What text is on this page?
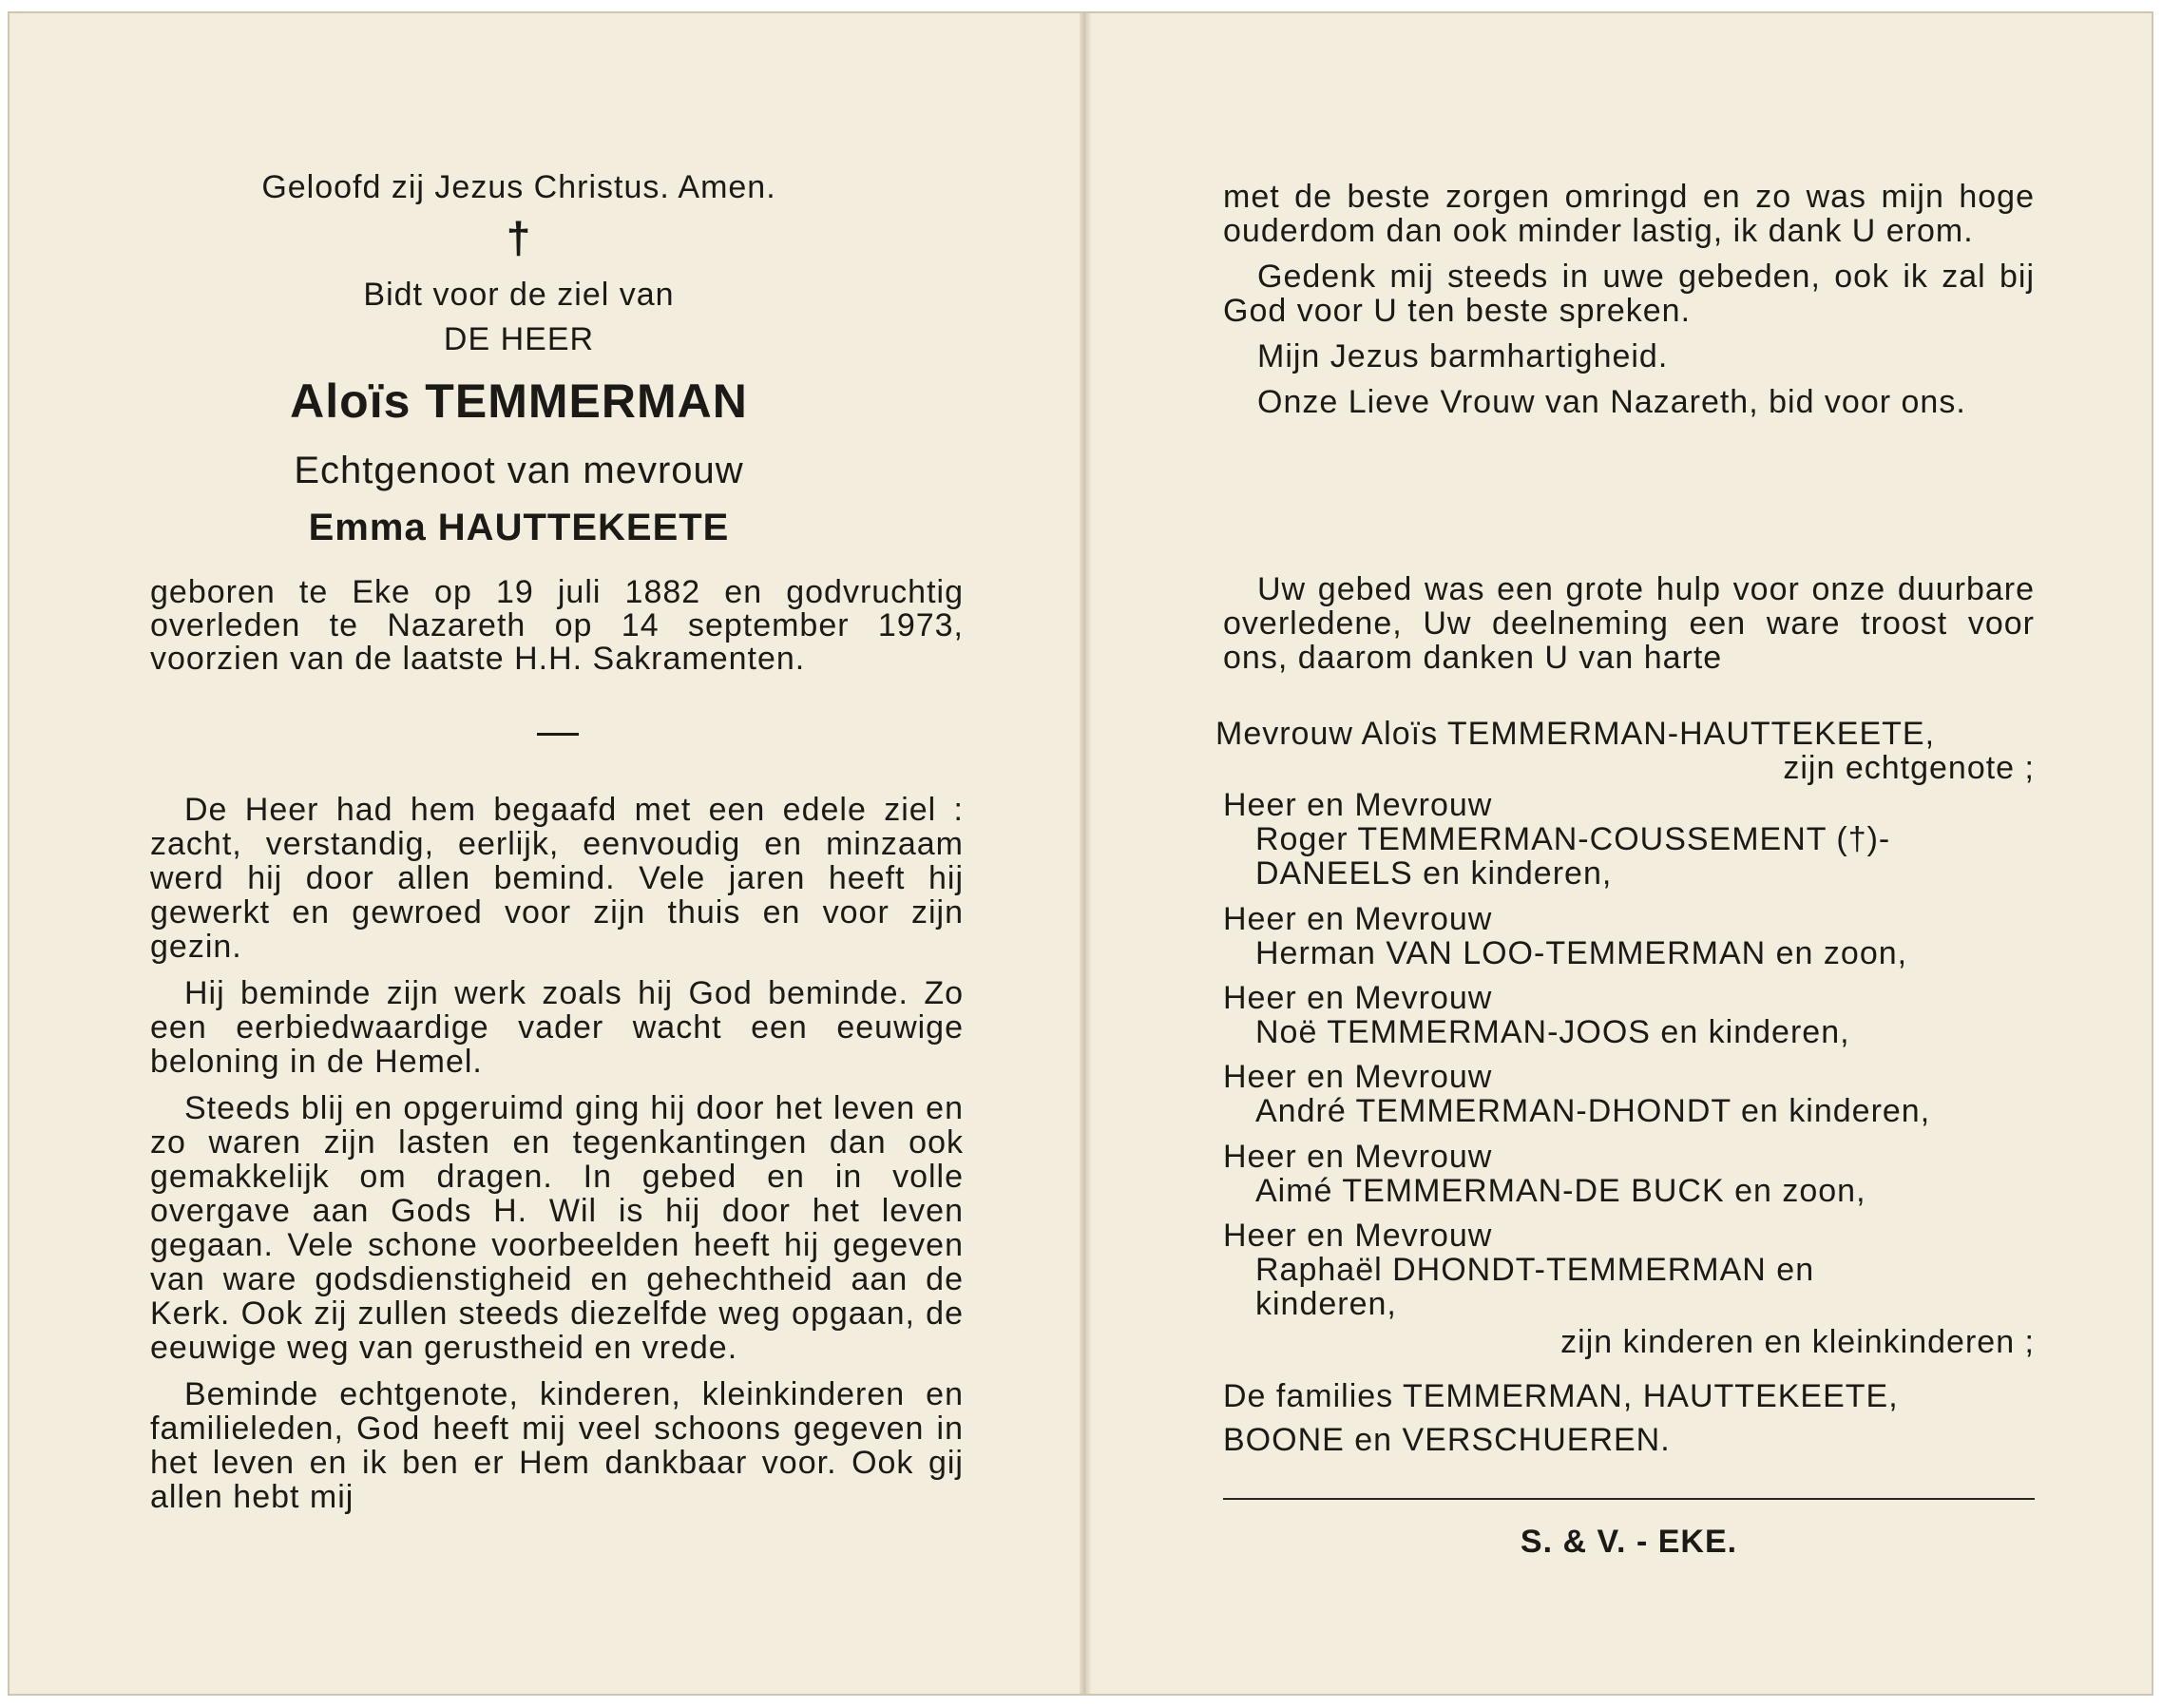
Geloofd zij Jezus Christus. Amen.

†

Bidt voor de ziel van

DE HEER

Aloïs TEMMERMAN

Echtgenoot van mevrouw

Emma HAUTTEKEETE

geboren te Eke op 19 juli 1882 en godvruchtig overleden te Nazareth op 14 september 1973, voorzien van de laatste H.H. Sakramenten.

De Heer had hem begaafd met een edele ziel : zacht, verstandig, eerlijk, eenvoudig en minzaam werd hij door allen bemind. Vele jaren heeft hij gewerkt en gewroed voor zijn thuis en voor zijn gezin.

Hij beminde zijn werk zoals hij God beminde. Zo een eerbiedwaardige vader wacht een eeuwige beloning in de Hemel.

Steeds blij en opgeruimd ging hij door het leven en zo waren zijn lasten en tegenkantingen dan ook gemakkelijk om dragen. In gebed en in volle overgave aan Gods H. Wil is hij door het leven gegaan. Vele schone voorbeelden heeft hij gegeven van ware godsdienstigheid en gehechtheid aan de Kerk. Ook zij zullen steeds diezelfde weg opgaan, de eeuwige weg van gerustheid en vrede.

Beminde echtgenote, kinderen, kleinkinderen en familieleden, God heeft mij veel schoons gegeven in het leven en ik ben er Hem dankbaar voor. Ook gij allen hebt mij

met de beste zorgen omringd en zo was mijn hoge ouderdom dan ook minder lastig, ik dank U erom.

Gedenk mij steeds in uwe gebeden, ook ik zal bij God voor U ten beste spreken.

Mijn Jezus barmhartigheid.

Onze Lieve Vrouw van Nazareth, bid voor ons.

Uw gebed was een grote hulp voor onze duurbare overledene, Uw deelneming een ware troost voor ons, daarom danken U van harte

Mevrouw Aloïs TEMMERMAN-HAUTTEKEETE,

zijn echtgenote ;

Heer en Mevrouw

Roger TEMMERMAN-COUSSEMENT (†)-

DANEELS en kinderen,

Heer en Mevrouw

Herman VAN LOO-TEMMERMAN en zoon,

Heer en Mevrouw

Noë TEMMERMAN-JOOS en kinderen,

Heer en Mevrouw

André TEMMERMAN-DHONDT en kinderen,

Heer en Mevrouw

Aimé TEMMERMAN-DE BUCK en zoon,

Heer en Mevrouw

Raphaël DHONDT-TEMMERMAN en

kinderen,

zijn kinderen en kleinkinderen ;

De families TEMMERMAN, HAUTTEKEETE,

BOONE en VERSCHUEREN.

S. & V. - EKE.
